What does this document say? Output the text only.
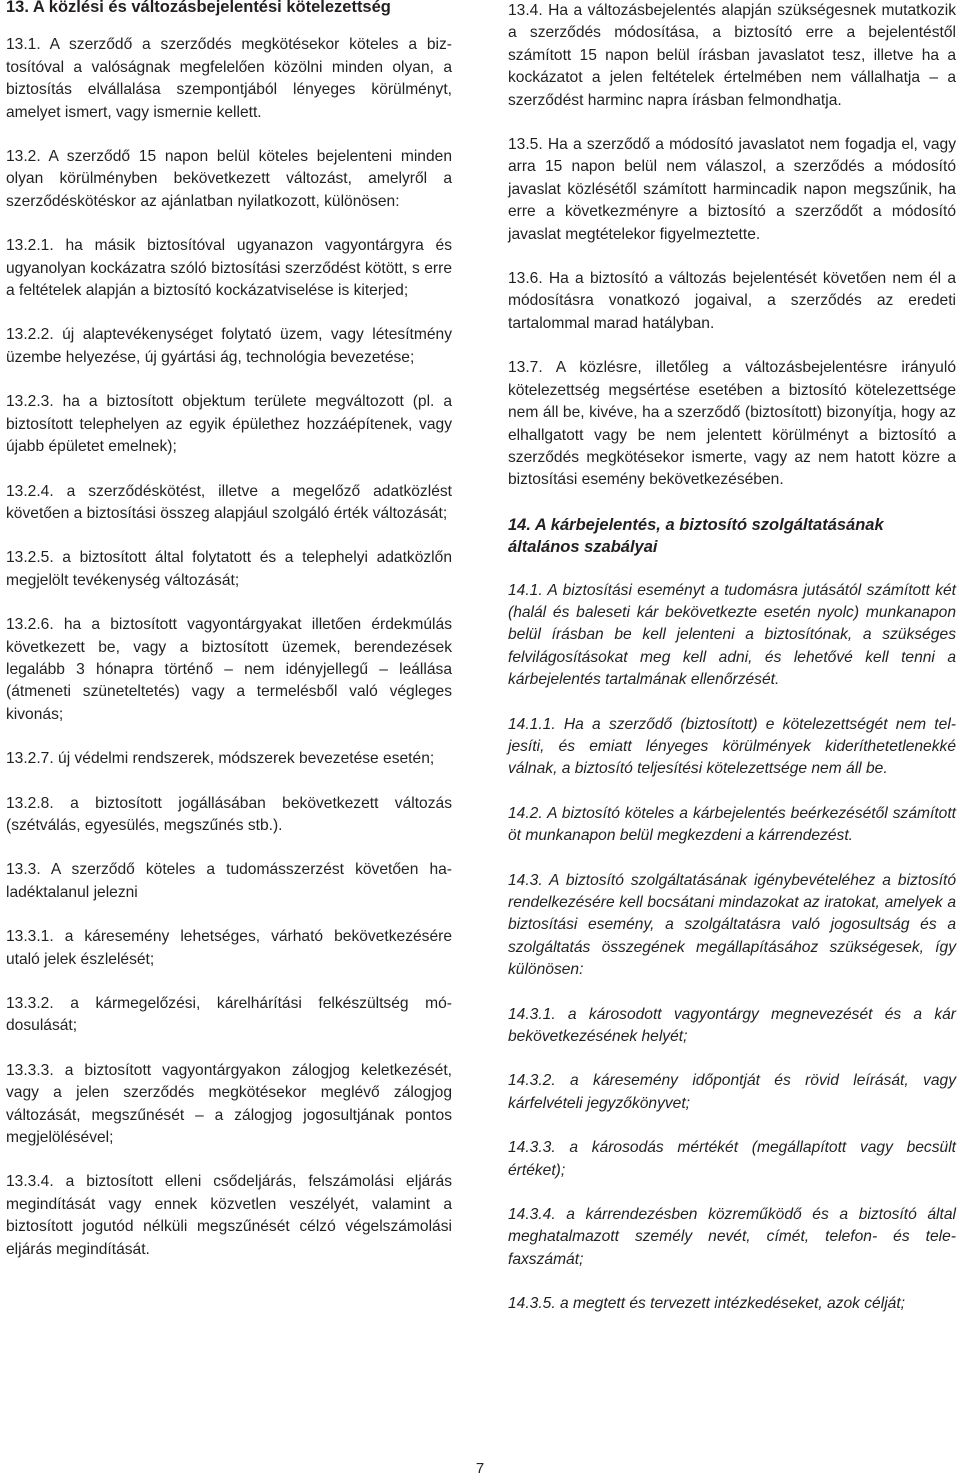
13. A közlési és változásbejelentési kötelezettség

13.1. A szerződő a szerződés megkötésekor köteles a biztosítóval a valóságnak megfelelően közölni minden olyan, a biztosítás elvállalása szempontjából lényeges körülményt, amelyet ismert, vagy ismernie kellett.

13.2. A szerződő 15 napon belül köteles bejelenteni minden olyan körülményben bekövetkezett változást, amelyről a szerződéskötéskor az ajánlatban nyilatkozott, különösen:

13.2.1. ha másik biztosítóval ugyanazon vagyontárgyra és ugyanolyan kockázatra szóló biztosítási szerződést kötött, s erre a feltételek alapján a biztosító kockázatviselése is kiterjed;

13.2.2. új alaptevékenységet folytató üzem, vagy létesítmény üzembe helyezése, új gyártási ág, technológia bevezetése;

13.2.3. ha a biztosított objektum területe megváltozott (pl. a biztosított telephelyen az egyik épülethez hozzáépítenek, vagy újabb épületet emelnek);

13.2.4. a szerződéskötést, illetve a megelőző adatközlést követően a biztosítási összeg alapjául szolgáló érték változását;

13.2.5. a biztosított által folytatott és a telephelyi adatközlőn megjelölt tevékenység változását;

13.2.6. ha a biztosított vagyontárgyakat illetően érdekmúlás következett be, vagy a biztosított üzemek, berendezések legalább 3 hónapra történő – nem idényjellegű – leállása (átmeneti szüneteltetés) vagy a termelésből való végleges kivonás;

13.2.7. új védelmi rendszerek, módszerek bevezetése esetén;

13.2.8. a biztosított jogállásában bekövetkezett változás (szétválás, egyesülés, megszűnés stb.).

13.3. A szerződő köteles a tudomásszerzést követően haladéktalanul jelezni

13.3.1. a káresemény lehetséges, várható bekövetkezésére utaló jelek észlelését;

13.3.2. a kármegelőzési, kárelhárítási felkészültség módosulását;

13.3.3. a biztosított vagyontárgyakon zálogjog keletkezését, vagy a jelen szerződés megkötésekor meglévő zálogjog változását, megszűnését – a zálogjog jogosultjának pontos megjelölésével;

13.3.4. a biztosított elleni csődeljárás, felszámolási eljárás megindítását vagy ennek közvetlen veszélyét, valamint a biztosított jogutód nélküli megszűnését célzó végelszámolási eljárás megindítását.

13.4. Ha a változásbejelentés alapján szükségesnek mutatkozik a szerződés módosítása, a biztosító erre a bejelentéstől számított 15 napon belül írásban javaslatot tesz, illetve ha a kockázatot a jelen feltételek értelmében nem vállalhatja – a szerződést harminc napra írásban felmondhatja.

13.5. Ha a szerződő a módosító javaslatot nem fogadja el, vagy arra 15 napon belül nem válaszol, a szerződés a módosító javaslat közlésétől számított harmincadik napon megszűnik, ha erre a következményre a biztosító a szerződőt a módosító javaslat megtételekor figyelmeztette.

13.6. Ha a biztosító a változás bejelentését követően nem él a módosításra vonatkozó jogaival, a szerződés az eredeti tartalommal marad hatályban.

13.7. A közlésre, illetőleg a változásbejelentésre irányuló kötelezettség megsértése esetében a biztosító kötelezettsége nem áll be, kivéve, ha a szerződő (biztosított) bizonyítja, hogy az elhallgatott vagy be nem jelentett körülményt a biztosító a szerződés megkötésekor ismerte, vagy az nem hatott közre a biztosítási esemény bekövetkezésében.

14. A kárbejelentés, a biztosító szolgáltatásának
általános szabályai

14.1. A biztosítási eseményt a tudomásra jutásától számított két (halál és baleseti kár bekövetkezte esetén nyolc) munkanapon belül írásban be kell jelenteni a biztosítónak, a szükséges felvilágosításokat meg kell adni, és lehetővé kell tenni a kárbejelentés tartalmának ellenőrzését.

14.1.1. Ha a szerződő (biztosított) e kötelezettségét nem teljesíti, és emiatt lényeges körülmények kideríthetetlenekké válnak, a biztosító teljesítési kötelezettsége nem áll be.

14.2. A biztosító köteles a kárbejelentés beérkezésétől számított öt munkanapon belül megkezdeni a kárrendezést.

14.3. A biztosító szolgáltatásának igénybevételéhez a biztosító rendelkezésére kell bocsátani mindazokat az iratokat, amelyek a biztosítási esemény, a szolgáltatásra való jogosultság és a szolgáltatás összegének megállapításához szükségesek, így különösen:

14.3.1. a károsodott vagyontárgy megnevezését és a kár bekövetkezésének helyét;

14.3.2. a káresemény időpontját és rövid leírását, vagy kárfelvételi jegyzőkönyvet;

14.3.3. a károsodás mértékét (megállapított vagy becsült értéket);

14.3.4. a kárrendezésben közreműködő és a biztosító által meghatalmazott személy nevét, címét, telefon- és telefaxszámát;

14.3.5. a megtett és tervezett intézkedéseket, azok célját;

7
